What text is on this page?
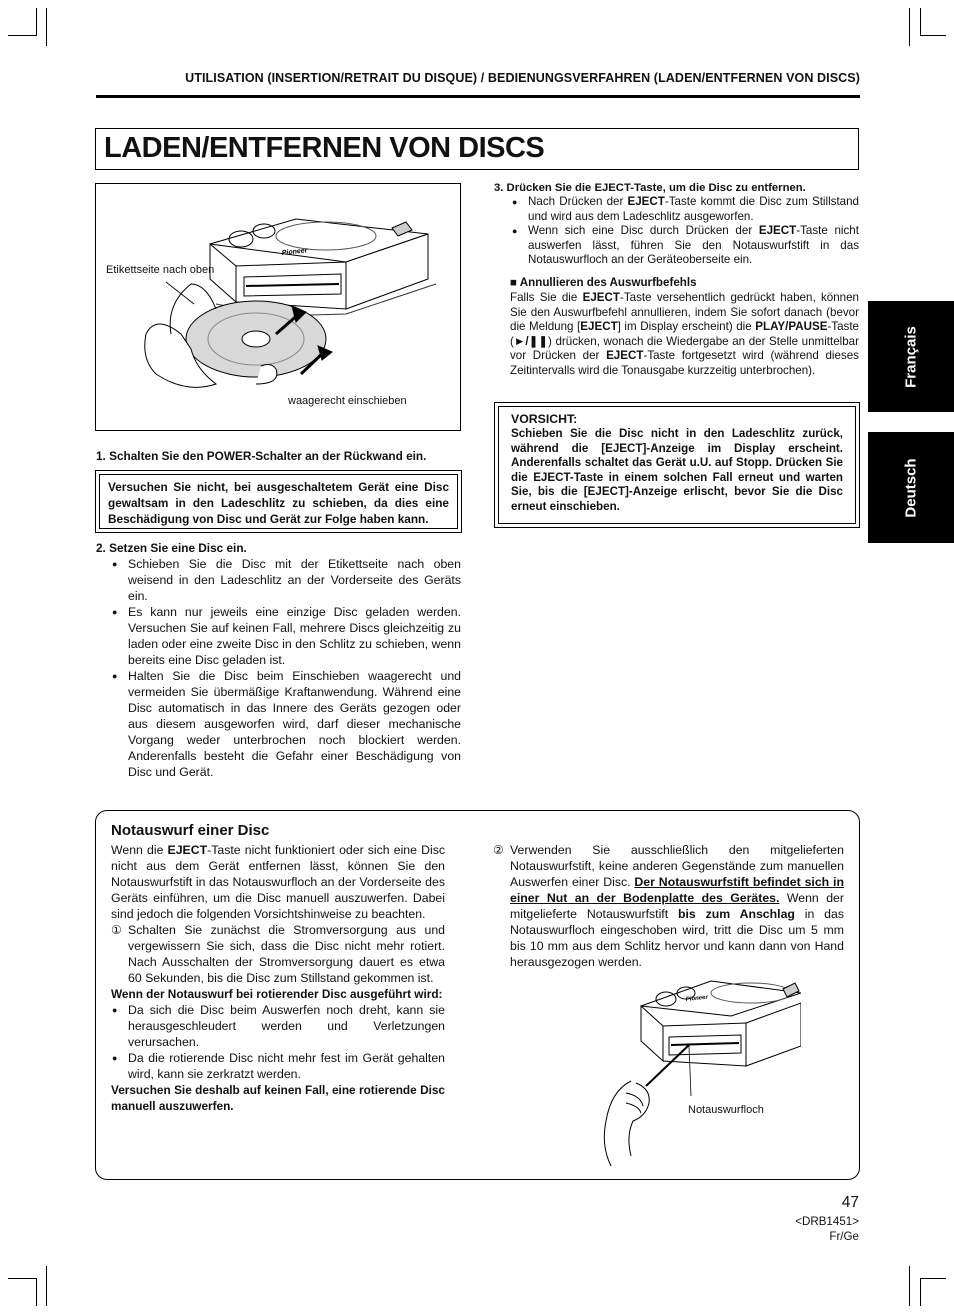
UTILISATION (INSERTION/RETRAIT DU DISQUE) / BEDIENUNGSVERFAHREN (LADEN/ENTFERNEN VON DISCS)
LADEN/ENTFERNEN VON DISCS
Français
Deutsch
Pioneer
Etikettseite nach oben
waagerecht einschieben
1. Schalten Sie den POWER-Schalter an der Rückwand ein.
Versuchen Sie nicht, bei ausgeschaltetem Gerät eine Disc gewaltsam in den Ladeschlitz zu schieben, da dies eine Beschädigung von Disc und Gerät zur Folge haben kann.
2. Setzen Sie eine Disc ein.
● Schieben Sie die Disc mit der Etikettseite nach oben weisend in den Ladeschlitz an der Vorderseite des Geräts ein.
● Es kann nur jeweils eine einzige Disc geladen werden. Versuchen Sie auf keinen Fall, mehrere Discs gleichzeitig zu laden oder eine zweite Disc in den Schlitz zu schieben, wenn bereits eine Disc geladen ist.
● Halten Sie die Disc beim Einschieben waagerecht und vermeiden Sie übermäßige Kraftanwendung. Während eine Disc automatisch in das Innere des Geräts gezogen oder aus diesem ausgeworfen wird, darf dieser mechanische Vorgang weder unterbrochen noch blockiert werden. Anderenfalls besteht die Gefahr einer Beschädigung von Disc und Gerät.
3. Drücken Sie die EJECT-Taste, um die Disc zu entfernen.
● Nach Drücken der EJECT-Taste kommt die Disc zum Stillstand und wird aus dem Ladeschlitz ausgeworfen.
● Wenn sich eine Disc durch Drücken der EJECT-Taste nicht auswerfen lässt, führen Sie den Notauswurfstift in das Notauswurfloch an der Geräteoberseite ein.
■ Annullieren des Auswurfbefehls
Falls Sie die EJECT-Taste versehentlich gedrückt haben, können Sie den Auswurfbefehl annullieren, indem Sie sofort danach (bevor die Meldung [EJECT] im Display erscheint) die PLAY/PAUSE-Taste (►/❚❚) drücken, wonach die Wiedergabe an der Stelle unmittelbar vor Drücken der EJECT-Taste fortgesetzt wird (während dieses Zeitintervalls wird die Tonausgabe kurzzeitig unterbrochen).
VORSICHT:
Schieben Sie die Disc nicht in den Ladeschlitz zurück, während die [EJECT]-Anzeige im Display erscheint. Anderenfalls schaltet das Gerät u.U. auf Stopp. Drücken Sie die EJECT-Taste in einem solchen Fall erneut und warten Sie, bis die [EJECT]-Anzeige erlischt, bevor Sie die Disc erneut einschieben.
Notauswurf einer Disc
Wenn die EJECT-Taste nicht funktioniert oder sich eine Disc nicht aus dem Gerät entfernen lässt, können Sie den Notauswurfstift in das Notauswurfloch an der Vorderseite des Geräts einführen, um die Disc manuell auszuwerfen. Dabei sind jedoch die folgenden Vorsichtshinweise zu beachten.
① Schalten Sie zunächst die Stromversorgung aus und vergewissern Sie sich, dass die Disc nicht mehr rotiert. Nach Ausschalten der Stromversorgung dauert es etwa 60 Sekunden, bis die Disc zum Stillstand gekommen ist.
Wenn der Notauswurf bei rotierender Disc ausgeführt wird:
● Da sich die Disc beim Auswerfen noch dreht, kann sie herausgeschleudert werden und Verletzungen verursachen.
● Da die rotierende Disc nicht mehr fest im Gerät gehalten wird, kann sie zerkratzt werden.
Versuchen Sie deshalb auf keinen Fall, eine rotierende Disc manuell auszuwerfen.
② Verwenden Sie ausschließlich den mitgelieferten Notauswurfstift, keine anderen Gegenstände zum manuellen Auswerfen einer Disc. Der Notauswurfstift befindet sich in einer Nut an der Bodenplatte des Gerätes. Wenn der mitgelieferte Notauswurfstift bis zum Anschlag in das Notauswurfloch eingeschoben wird, tritt die Disc um 5 mm bis 10 mm aus dem Schlitz hervor und kann dann von Hand herausgezogen werden.
Pioneer
Notauswurfloch
47
<DRB1451>
Fr/Ge
